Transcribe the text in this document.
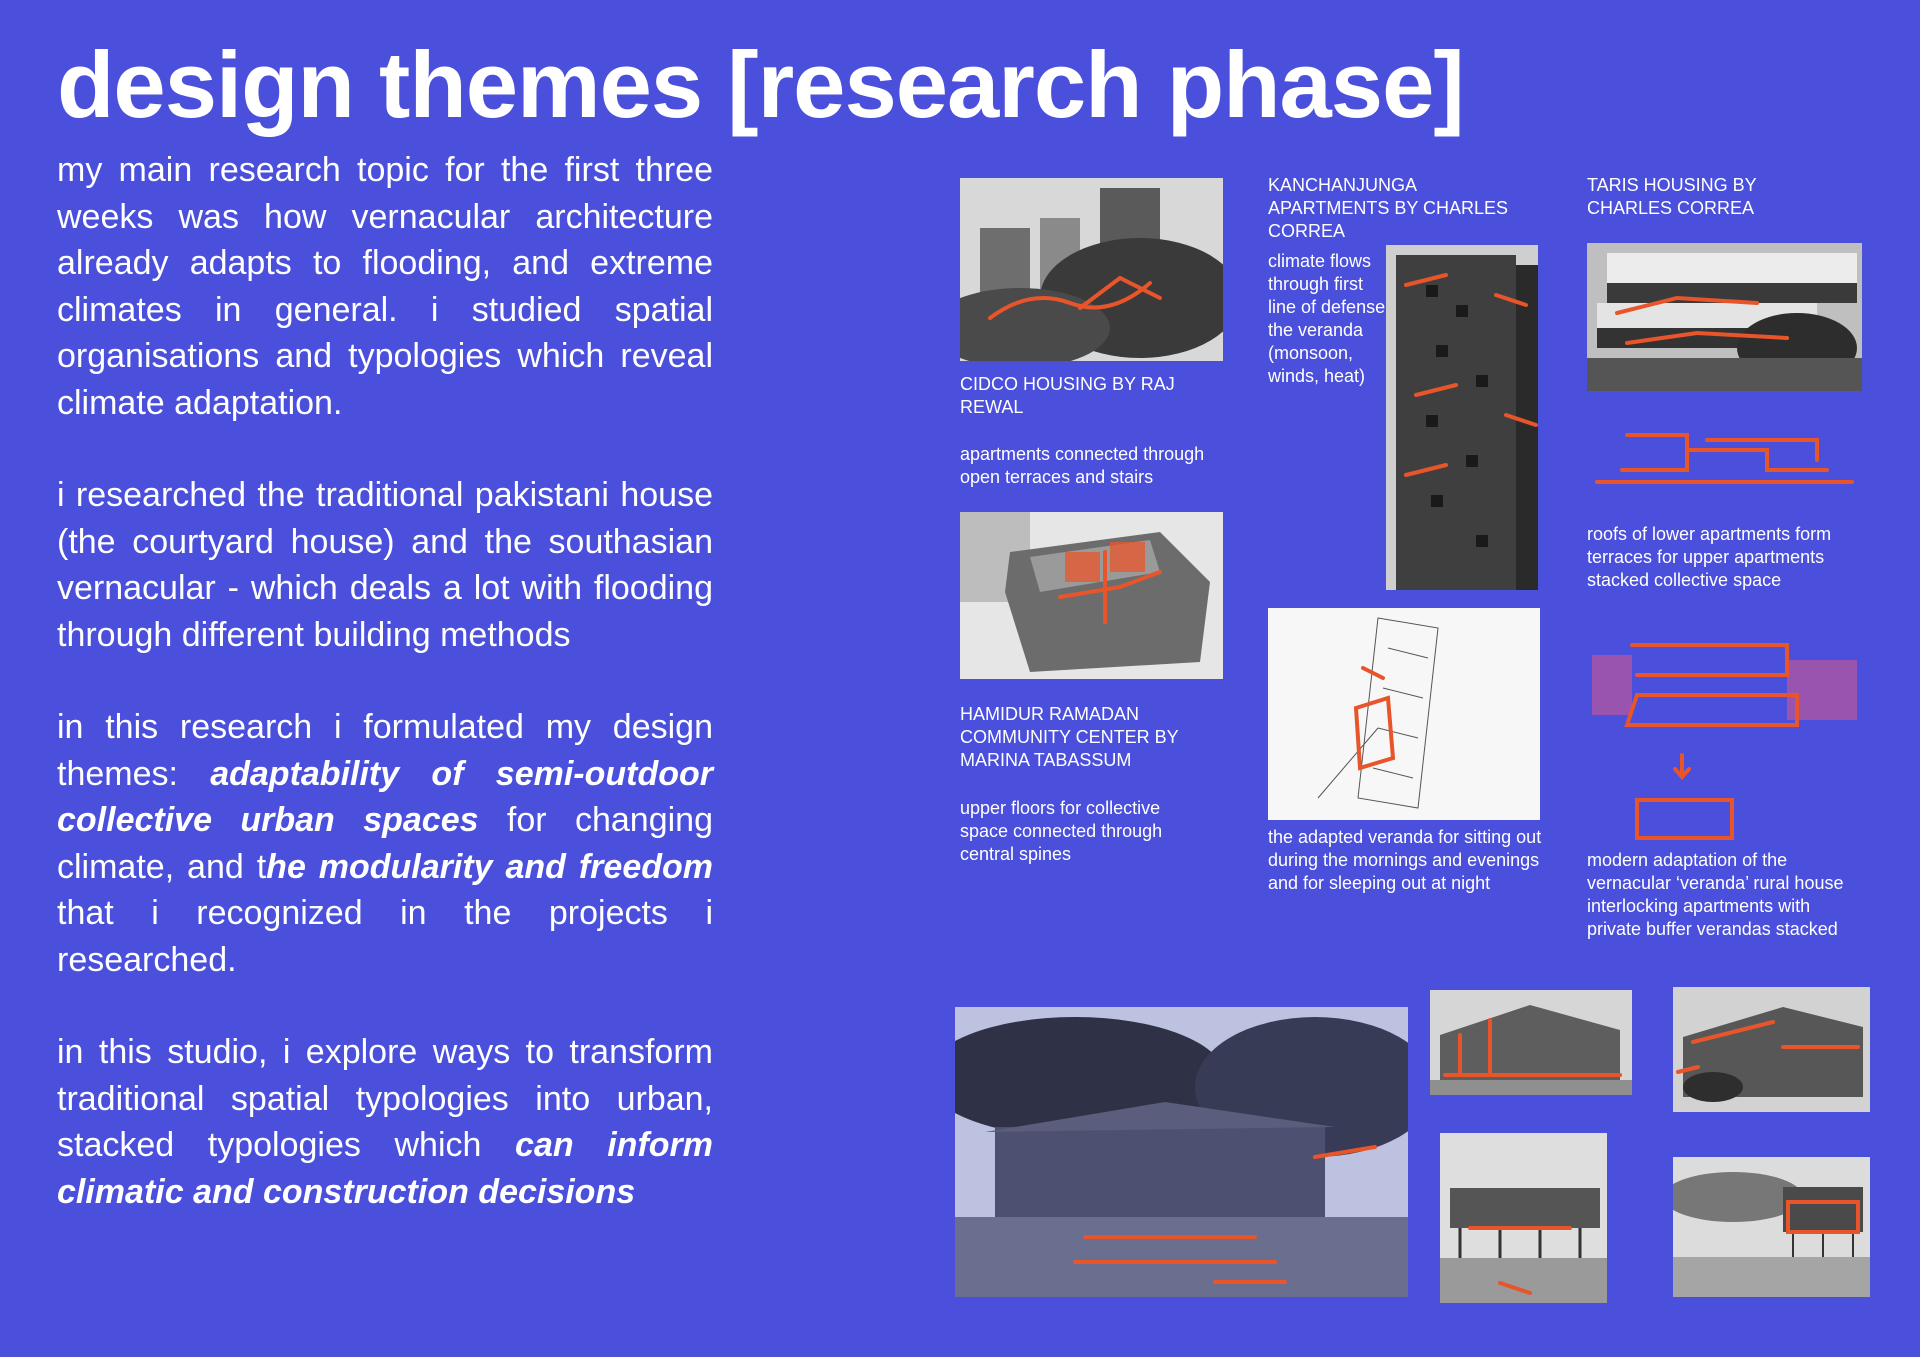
design themes [research phase]

my main research topic for the first three weeks was how vernacular architecture already adapts to flooding, and extreme climates in general. i studied spatial organisations and typologies which reveal climate adaptation.

i researched the traditional pakistani house (the courtyard house) and the southasian vernacular - which deals a lot with flooding through different building methods

in this research i formulated my design themes: adaptability of semi-outdoor collective urban spaces for changing climate, and the modularity and freedom that i recognized in the projects i researched.

in this studio, i explore ways to transform traditional spatial typologies into urban, stacked typologies which can inform climatic and construction decisions

CIDCO HOUSING BY RAJ REWAL

apartments connected through open terraces and stairs

HAMIDUR RAMADAN COMMUNITY CENTER BY MARINA TABASSUM

upper floors for collective space connected through central spines

KANCHANJUNGA APARTMENTS BY CHARLES CORREA

climate flows through first line of defense the veranda (monsoon, winds, heat)

the adapted veranda for sitting out during the mornings and evenings and for sleeping out at night

TARIS HOUSING BY CHARLES CORREA

roofs of lower apartments form terraces for upper apartments stacked collective space

modern adaptation of the vernacular ‘veranda’ rural house interlocking apartments with private buffer verandas stacked
